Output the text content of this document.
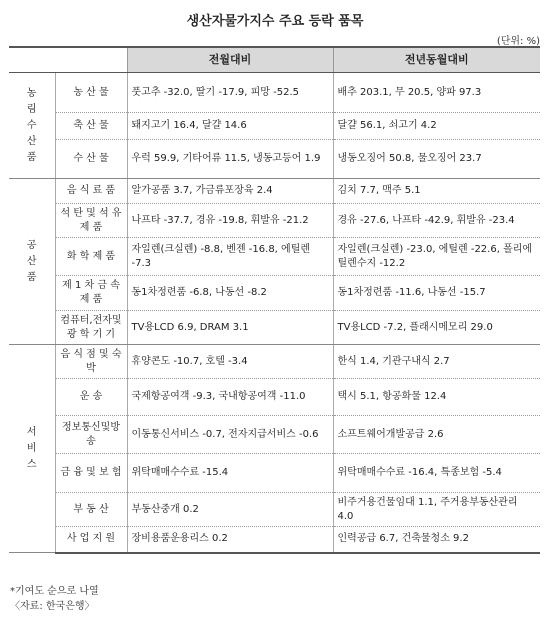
생산자물가지수 주요 등락 품목
(단위: %)
		전월대비	전년동월대비
농림수산품	농 산 물	풋고추 -32.0, 딸기 -17.9, 피망 -52.5	배추 203.1, 무 20.5, 양파 97.3
	축 산 물	돼지고기 16.4, 달걀 14.6	달걀 56.1, 쇠고기 4.2
	수 산 물	우럭 59.9, 기타어류 11.5, 냉동고등어 1.9	냉동오징어 50.8, 물오징어 23.7
공산품	음 식 료 품	알가공품 3.7, 가금류포장육 2.4	김치 7.7, 맥주 5.1
	석 탄 및 석 유 제 품	나프타 -37.7, 경유 -19.8, 휘발유 -21.2	경유 -27.6, 나프타 -42.9, 휘발유 -23.4
	화 학 제 품	자일렌(크실렌) -8.8, 벤젠 -16.8, 에틸렌 -7.3	자일렌(크실렌) -23.0, 에틸렌 -22.6, 폴리에틸렌수지 -12.2
	제 1 차 금 속 제 품	동1차정련품 -6.8, 나동선 -8.2	동1차정련품 -11.6, 나동선 -15.7
	컴퓨터,전자및 광 학 기 기	TV용LCD 6.9, DRAM 3.1	TV용LCD -7.2, 플래시메모리 29.0
서비스	음 식 점 및 숙 박	휴양콘도 -10.7, 호텔 -3.4	한식 1.4, 기관구내식 2.7
	운 송	국제항공여객 -9.3, 국내항공여객 -11.0	택시 5.1, 항공화물 12.4
	정보통신및방송	이동통신서비스 -0.7, 전자지급서비스 -0.6	소프트웨어개발공급 2.6
	금 융 및 보 험	위탁매매수수료 -15.4	위탁매매수수료 -16.4, 특종보험 -5.4
	부 동 산	부동산중개 0.2	비주거용건물임대 1.1, 주거용부동산관리 4.0
	사 업 지 원	장비용품운용리스 0.2	인력공급 6.7, 건축물청소 9.2
*기여도 순으로 나열
〈자료: 한국은행〉
